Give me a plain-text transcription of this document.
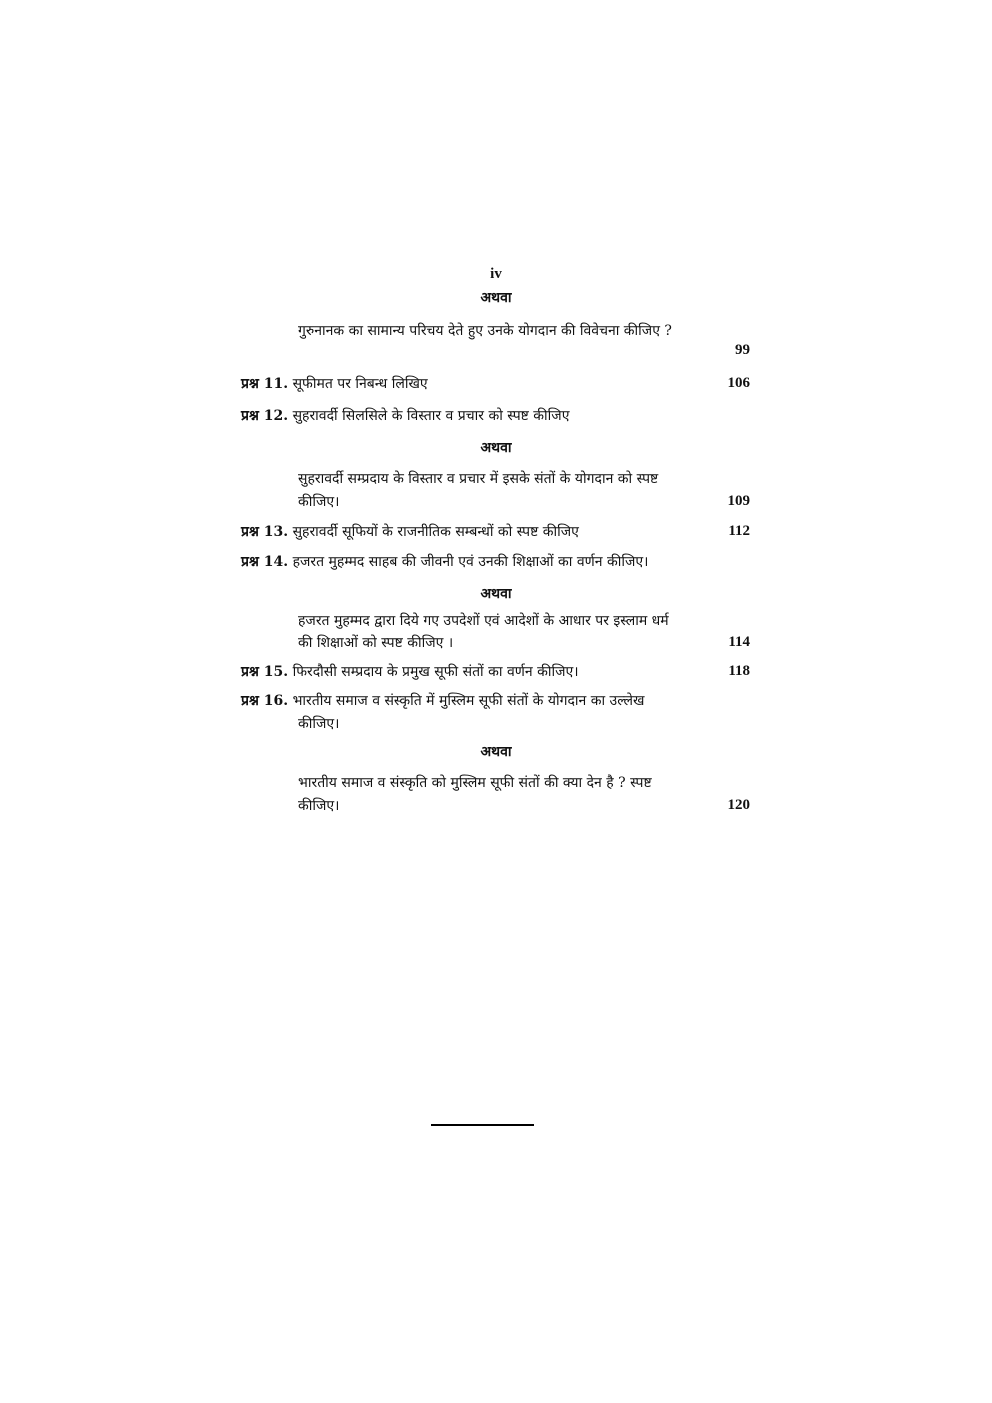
iv
अथवा
गुरुनानक का सामान्य परिचय देते हुए उनके योगदान की विवेचना कीजिए ?
99
प्रश्न 11. सूफीमत पर निबन्ध लिखिए	106
प्रश्न 12. सुहरावर्दी सिलसिले के विस्तार व प्रचार को स्पष्ट कीजिए
अथवा
सुहरावर्दी सम्प्रदाय के विस्तार व प्रचार में इसके संतों के योगदान को स्पष्ट
कीजिए।	109
प्रश्न 13. सुहरावर्दी सूफियों के राजनीतिक सम्बन्धों को स्पष्ट कीजिए	112
प्रश्न 14. हजरत मुहम्मद साहब की जीवनी एवं उनकी शिक्षाओं का वर्णन कीजिए।
अथवा
हजरत मुहम्मद द्वारा दिये गए उपदेशों एवं आदेशों के आधार पर इस्लाम धर्म
की शिक्षाओं को स्पष्ट कीजिए ।	114
प्रश्न 15. फिरदौसी सम्प्रदाय के प्रमुख सूफी संतों का वर्णन कीजिए।	118
प्रश्न 16. भारतीय समाज व संस्कृति में मुस्लिम सूफी संतों के योगदान का उल्लेख
कीजिए।
अथवा
भारतीय समाज व संस्कृति को मुस्लिम सूफी संतों की क्या देन है ? स्पष्ट
कीजिए।	120
